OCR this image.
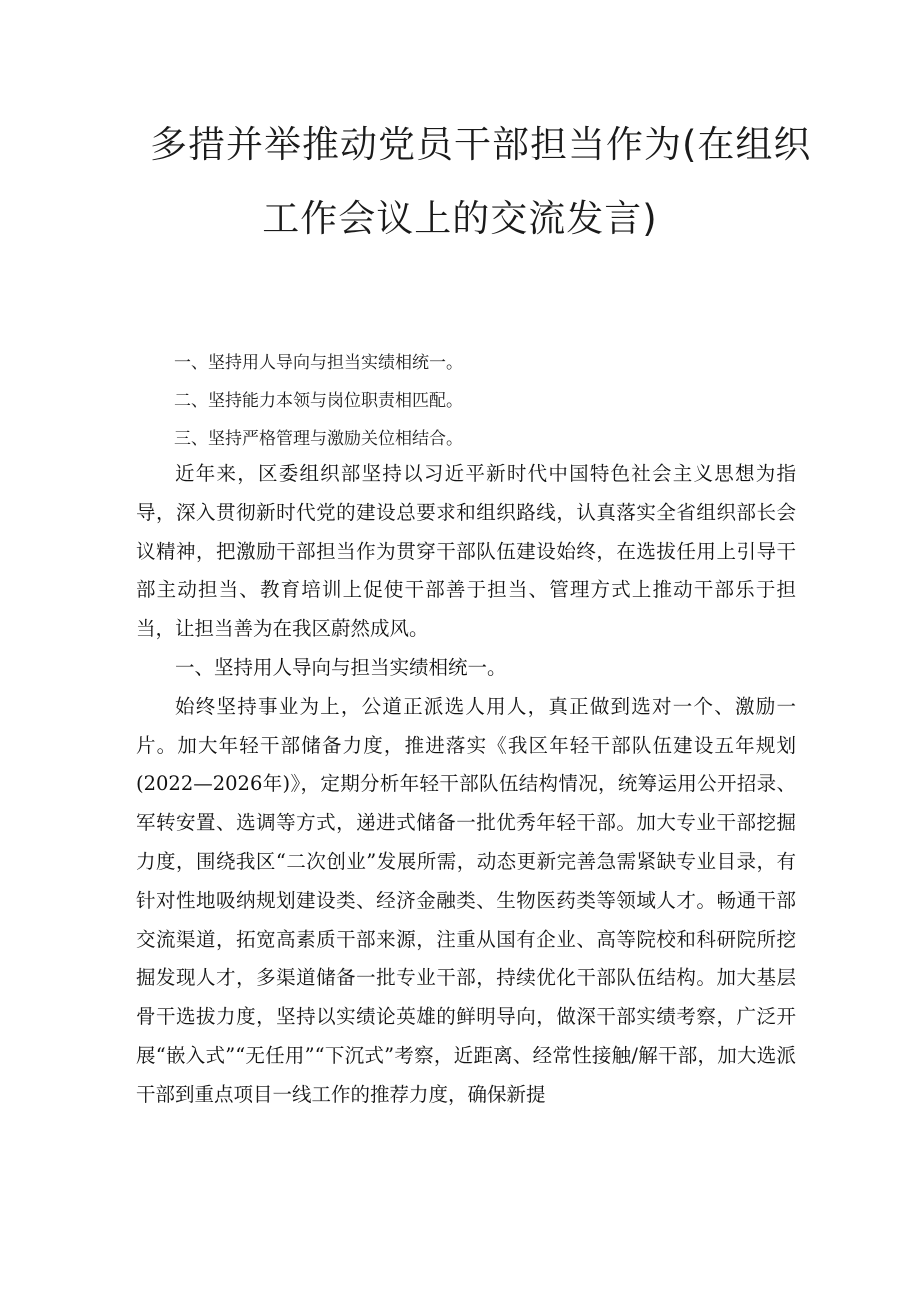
多措并举推动党员干部担当作为(在组织
工作会议上的交流发言)
一、坚持用人导向与担当实绩相统一。
二、坚持能力本领与岗位职责相匹配。
三、坚持严格管理与激励关位相结合。

近年来，区委组织部坚持以习近平新时代中国特色社会主义思想为指导，深入贯彻新时代党的建设总要求和组织路线，认真落实全省组织部长会议精神，把激励干部担当作为贯穿干部队伍建设始终，在选拔任用上引导干部主动担当、教育培训上促使干部善于担当、管理方式上推动干部乐于担当，让担当善为在我区蔚然成风。

一、坚持用人导向与担当实绩相统一。

始终坚持事业为上，公道正派选人用人，真正做到选对一个、激励一片。加大年轻干部储备力度，推进落实《我区年轻干部队伍建设五年规划(2022—2026年)》，定期分析年轻干部队伍结构情况，统筹运用公开招录、军转安置、选调等方式，递进式储备一批优秀年轻干部。加大专业干部挖掘力度，围绕我区“二次创业”发展所需，动态更新完善急需紧缺专业目录，有针对性地吸纳规划建设类、经济金融类、生物医药类等领域人才。畅通干部交流渠道，拓宽高素质干部来源，注重从国有企业、高等院校和科研院所挖掘发现人才，多渠道储备一批专业干部，持续优化干部队伍结构。加大基层骨干选拔力度，坚持以实绩论英雄的鲜明导向，做深干部实绩考察，广泛开展“嵌入式”“无任用”“下沉式”考察，近距离、经常性接触/解干部，加大选派干部到重点项目一线工作的推荐力度，确保新提
